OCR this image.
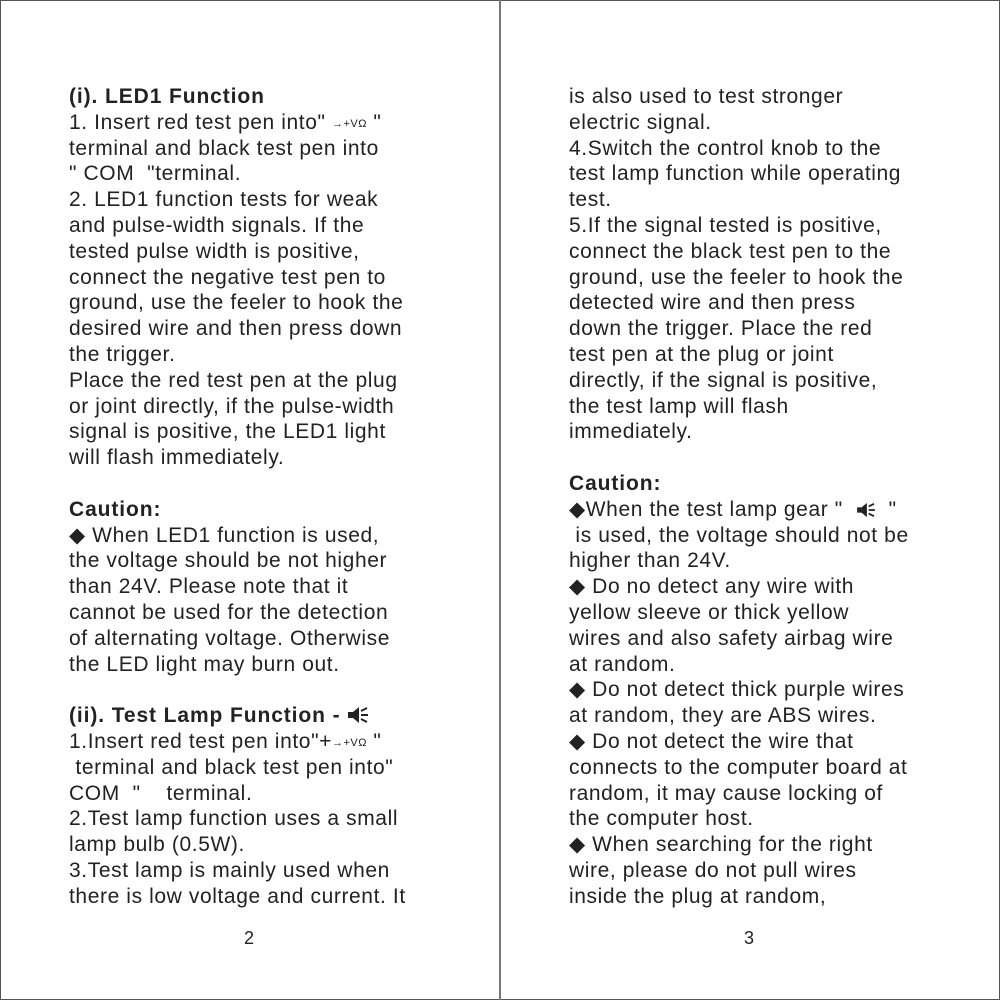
(i). LED1 Function
1. Insert red test pen into" →+VΩ "
terminal and black test pen into
" COM  "terminal.
2. LED1 function tests for weak
and pulse-width signals. If the
tested pulse width is positive,
connect the negative test pen to
ground, use the feeler to hook the
desired wire and then press down
the trigger.
Place the red test pen at the plug
or joint directly, if the pulse-width
signal is positive, the LED1 light
will flash immediately.
Caution:
◆ When LED1 function is used,
the voltage should be not higher
than 24V. Please note that it
cannot be used for the detection
of alternating voltage. Otherwise
the LED light may burn out.
(ii). Test Lamp Function -
1.Insert red test pen into"+→+VΩ "
terminal and black test pen into"
COM  "    terminal.
2.Test lamp function uses a small
lamp bulb (0.5W).
3.Test lamp is mainly used when
there is low voltage and current. It
2
is also used to test stronger
electric signal.
4.Switch the control knob to the
test lamp function while operating
test.
5.If the signal tested is positive,
connect the black test pen to the
ground, use the feeler to hook the
detected wire and then press
down the trigger. Place the red
test pen at the plug or joint
directly, if the signal is positive,
the test lamp will flash
immediately.
Caution:
◆When the test lamp gear "    "
is used, the voltage should not be
higher than 24V.
◆ Do no detect any wire with
yellow sleeve or thick yellow
wires and also safety airbag wire
at random.
◆ Do not detect thick purple wires
at random, they are ABS wires.
◆ Do not detect the wire that
connects to the computer board at
random, it may cause locking of
the computer host.
◆ When searching for the right
wire, please do not pull wires
inside the plug at random,
3
